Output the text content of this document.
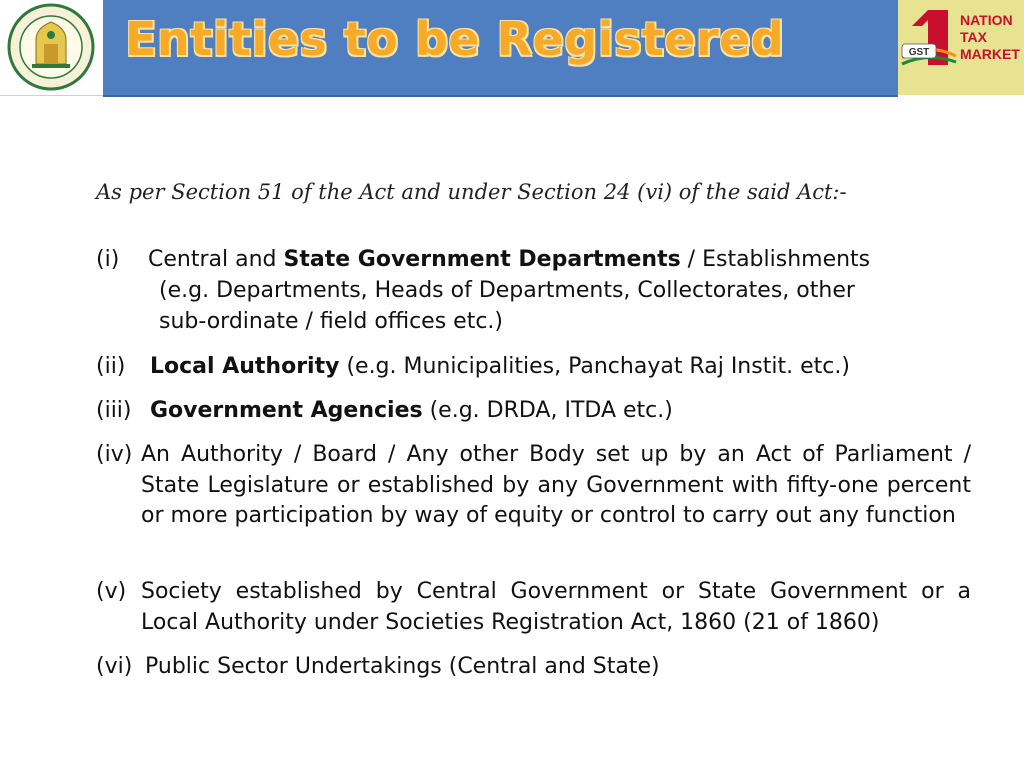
Entities to be Registered	GST
NATION
TAX
MARKET
As per Section 51 of the Act and under Section 24 (vi) of the said Act:-
(i) Central and State Government Departments / Establishments
(e.g. Departments, Heads of Departments, Collectorates, other
sub-ordinate / field offices etc.)
(ii) Local Authority (e.g. Municipalities, Panchayat Raj Instit. etc.)
(iii) Government Agencies (e.g. DRDA, ITDA etc.)
(iv) An Authority / Board / Any other Body set up by an Act of Parliament / State Legislature or established by any Government with fifty-one percent or more participation by way of equity or control to carry out any function
(v) Society established by Central Government or State Government or a Local Authority under Societies Registration Act, 1860 (21 of 1860)
(vi) Public Sector Undertakings (Central and State)
